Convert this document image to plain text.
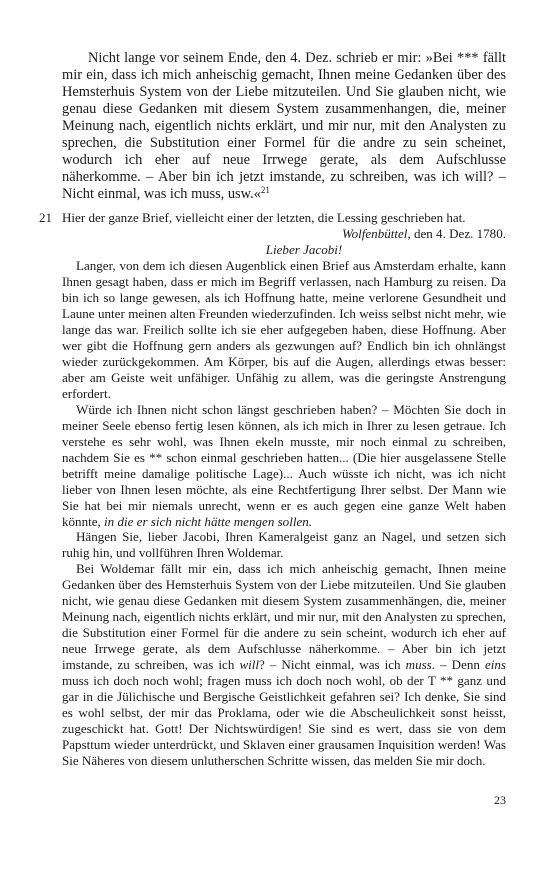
Nicht lange vor seinem Ende, den 4. Dez. schrieb er mir: »Bei *** fällt mir ein, dass ich mich anheischig gemacht, Ihnen meine Gedanken über des Hemsterhuis System von der Liebe mitzuteilen. Und Sie glauben nicht, wie genau diese Gedanken mit diesem System zusammenhangen, die, meiner Meinung nach, eigentlich nichts erklärt, und mir nur, mit den Analysten zu sprechen, die Substitution einer Formel für die andre zu sein scheinet, wodurch ich eher auf neue Irrwege gerate, als dem Aufschlusse näherkomme. – Aber bin ich jetzt imstande, zu schreiben, was ich will? – Nicht einmal, was ich muss, usw.«$^{21}$

21 Hier der ganze Brief, vielleicht einer der letzten, die Lessing geschrieben hat.

Wolfenbüttel, den 4. Dez. 1780.

Lieber Jacobi!

Langer, von dem ich diesen Augenblick einen Brief aus Amsterdam erhalte, kann Ihnen gesagt haben, dass er mich im Begriff verlassen, nach Hamburg zu reisen. Da bin ich so lange gewesen, als ich Hoffnung hatte, meine verlorene Gesundheit und Laune unter meinen alten Freunden wiederzufinden. Ich weiss selbst nicht mehr, wie lange das war. Freilich sollte ich sie eher aufgegeben haben, diese Hoffnung. Aber wer gibt die Hoffnung gern anders als gezwungen auf? Endlich bin ich ohnlängst wieder zurückgekommen. Am Körper, bis auf die Augen, allerdings etwas besser: aber am Geiste weit unfähiger. Unfähig zu allem, was die geringste Anstrengung erfordert.

Würde ich Ihnen nicht schon längst geschrieben haben? – Möchten Sie doch in meiner Seele ebenso fertig lesen können, als ich mich in Ihrer zu lesen getraue. Ich verstehe es sehr wohl, was Ihnen ekeln musste, mir noch einmal zu schreiben, nachdem Sie es ** schon einmal geschrieben hatten... (Die hier ausgelassene Stelle betrifft meine damalige politische Lage)... Auch wüsste ich nicht, was ich nicht lieber von Ihnen lesen möchte, als eine Rechtfertigung Ihrer selbst. Der Mann wie Sie hat bei mir niemals unrecht, wenn er es auch gegen eine ganze Welt haben könnte, in die er sich nicht hätte mengen sollen.

Hängen Sie, lieber Jacobi, Ihren Kameralgeist ganz an Nagel, und setzen sich ruhig hin, und vollführen Ihren Woldemar.

Bei Woldemar fällt mir ein, dass ich mich anheischig gemacht, Ihnen meine Gedanken über des Hemsterhuis System von der Liebe mitzuteilen. Und Sie glauben nicht, wie genau diese Gedanken mit diesem System zusammenhängen, die, meiner Meinung nach, eigentlich nichts erklärt, und mir nur, mit den Analysten zu sprechen, die Substitution einer Formel für die andere zu sein scheint, wodurch ich eher auf neue Irrwege gerate, als dem Aufschlusse näherkomme. – Aber bin ich jetzt imstande, zu schreiben, was ich will? – Nicht einmal, was ich muss. – Denn eins muss ich doch noch wohl; fragen muss ich doch noch wohl, ob der T ** ganz und gar in die Jülichische und Bergische Geistlichkeit gefahren sei? Ich denke, Sie sind es wohl selbst, der mir das Proklama, oder wie die Abscheulichkeit sonst heisst, zugeschickt hat. Gott! Der Nichtswürdigen! Sie sind es wert, dass sie von dem Papsttum wieder unterdrückt, und Sklaven einer grausamen Inquisition werden! Was Sie Näheres von diesem unlutherschen Schritte wissen, das melden Sie mir doch.

23
